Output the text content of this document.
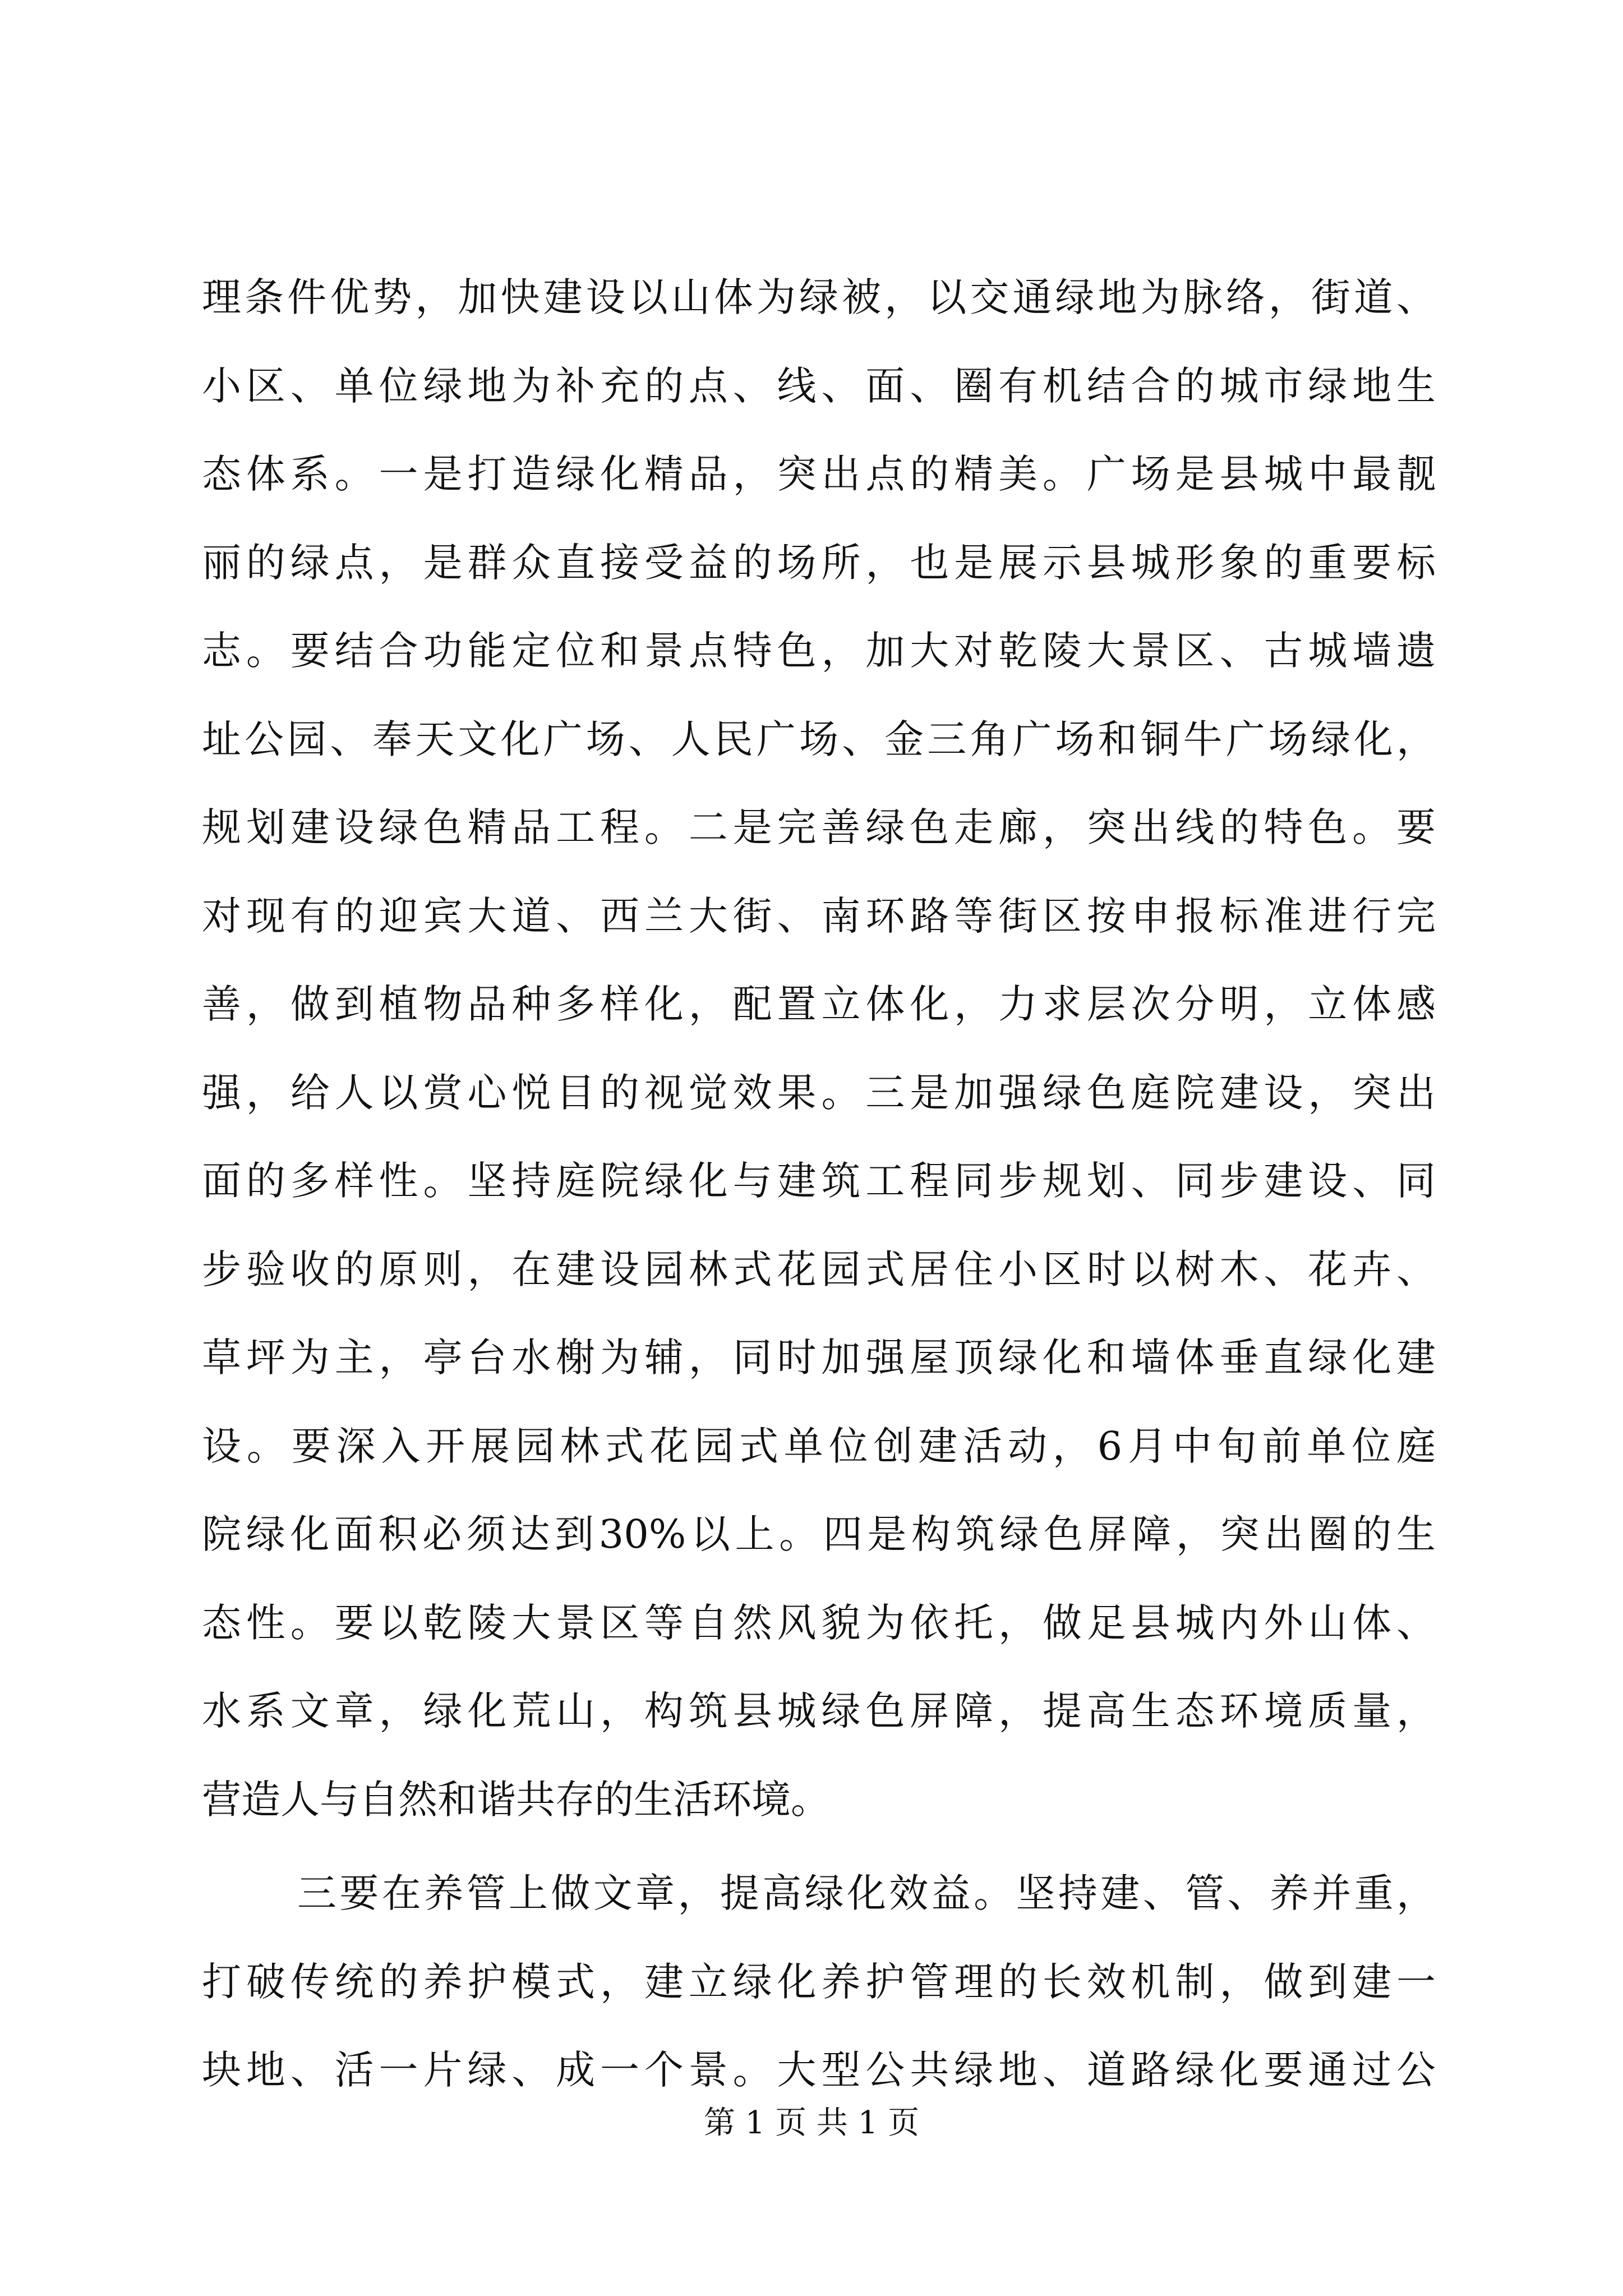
理条件优势，加快建设以山体为绿被，以交通绿地为脉络，街道、
小区、单位绿地为补充的点、线、面、圈有机结合的城市绿地生
态体系。一是打造绿化精品，突出点的精美。广场是县城中最靓
丽的绿点，是群众直接受益的场所，也是展示县城形象的重要标
志。要结合功能定位和景点特色，加大对乾陵大景区、古城墙遗
址公园、奉天文化广场、人民广场、金三角广场和铜牛广场绿化，
规划建设绿色精品工程。二是完善绿色走廊，突出线的特色。要
对现有的迎宾大道、西兰大街、南环路等街区按申报标准进行完
善，做到植物品种多样化，配置立体化，力求层次分明，立体感
强，给人以赏心悦目的视觉效果。三是加强绿色庭院建设，突出
面的多样性。坚持庭院绿化与建筑工程同步规划、同步建设、同
步验收的原则，在建设园林式花园式居住小区时以树木、花卉、
草坪为主，亭台水榭为辅，同时加强屋顶绿化和墙体垂直绿化建
设。要深入开展园林式花园式单位创建活动，6月中旬前单位庭
院绿化面积必须达到30%以上。四是构筑绿色屏障，突出圈的生
态性。要以乾陵大景区等自然风貌为依托，做足县城内外山体、
水系文章，绿化荒山，构筑县城绿色屏障，提高生态环境质量，
营造人与自然和谐共存的生活环境。
三要在养管上做文章，提高绿化效益。坚持建、管、养并重，
打破传统的养护模式，建立绿化养护管理的长效机制，做到建一
块地、活一片绿、成一个景。大型公共绿地、道路绿化要通过公
第 1 页 共 1 页
